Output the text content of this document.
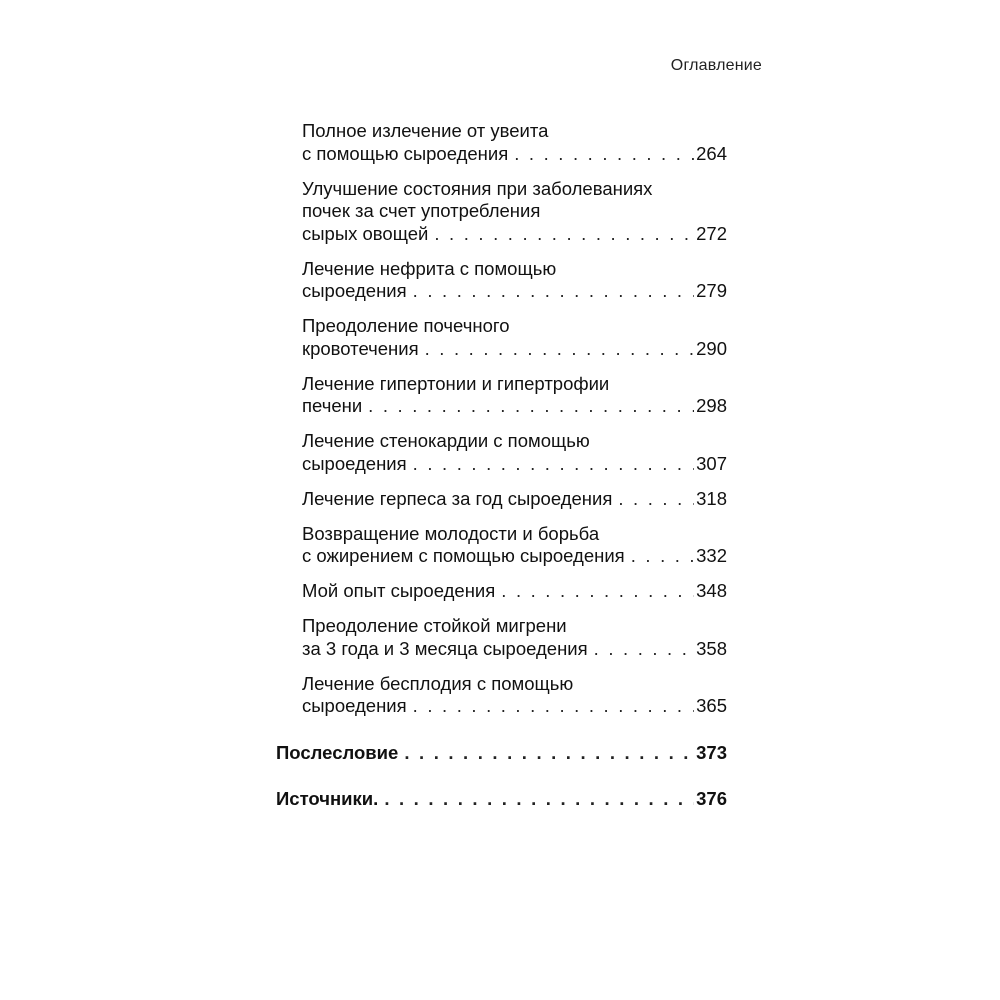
Оглавление
Полное излечение от увеита
с помощью сыроедения . . .	264
Улучшение состояния при заболеваниях
почек за счет употребления
сырых овощей . . .	272
Лечение нефрита с помощью
сыроедения . . .	279
Преодоление почечного
кровотечения . . .	290
Лечение гипертонии и гипертрофии
печени . . .	298
Лечение стенокардии с помощью
сыроедения . . .	307
Лечение герпеса за год сыроедения . . .	318
Возвращение молодости и борьба
с ожирением с помощью сыроедения . . .	332
Мой опыт сыроедения . . .	348
Преодоление стойкой мигрени
за 3 года и 3 месяца сыроедения . . .	358
Лечение бесплодия с помощью
сыроедения . . .	365
Послесловие . . .	373
Источники. . . .	376
